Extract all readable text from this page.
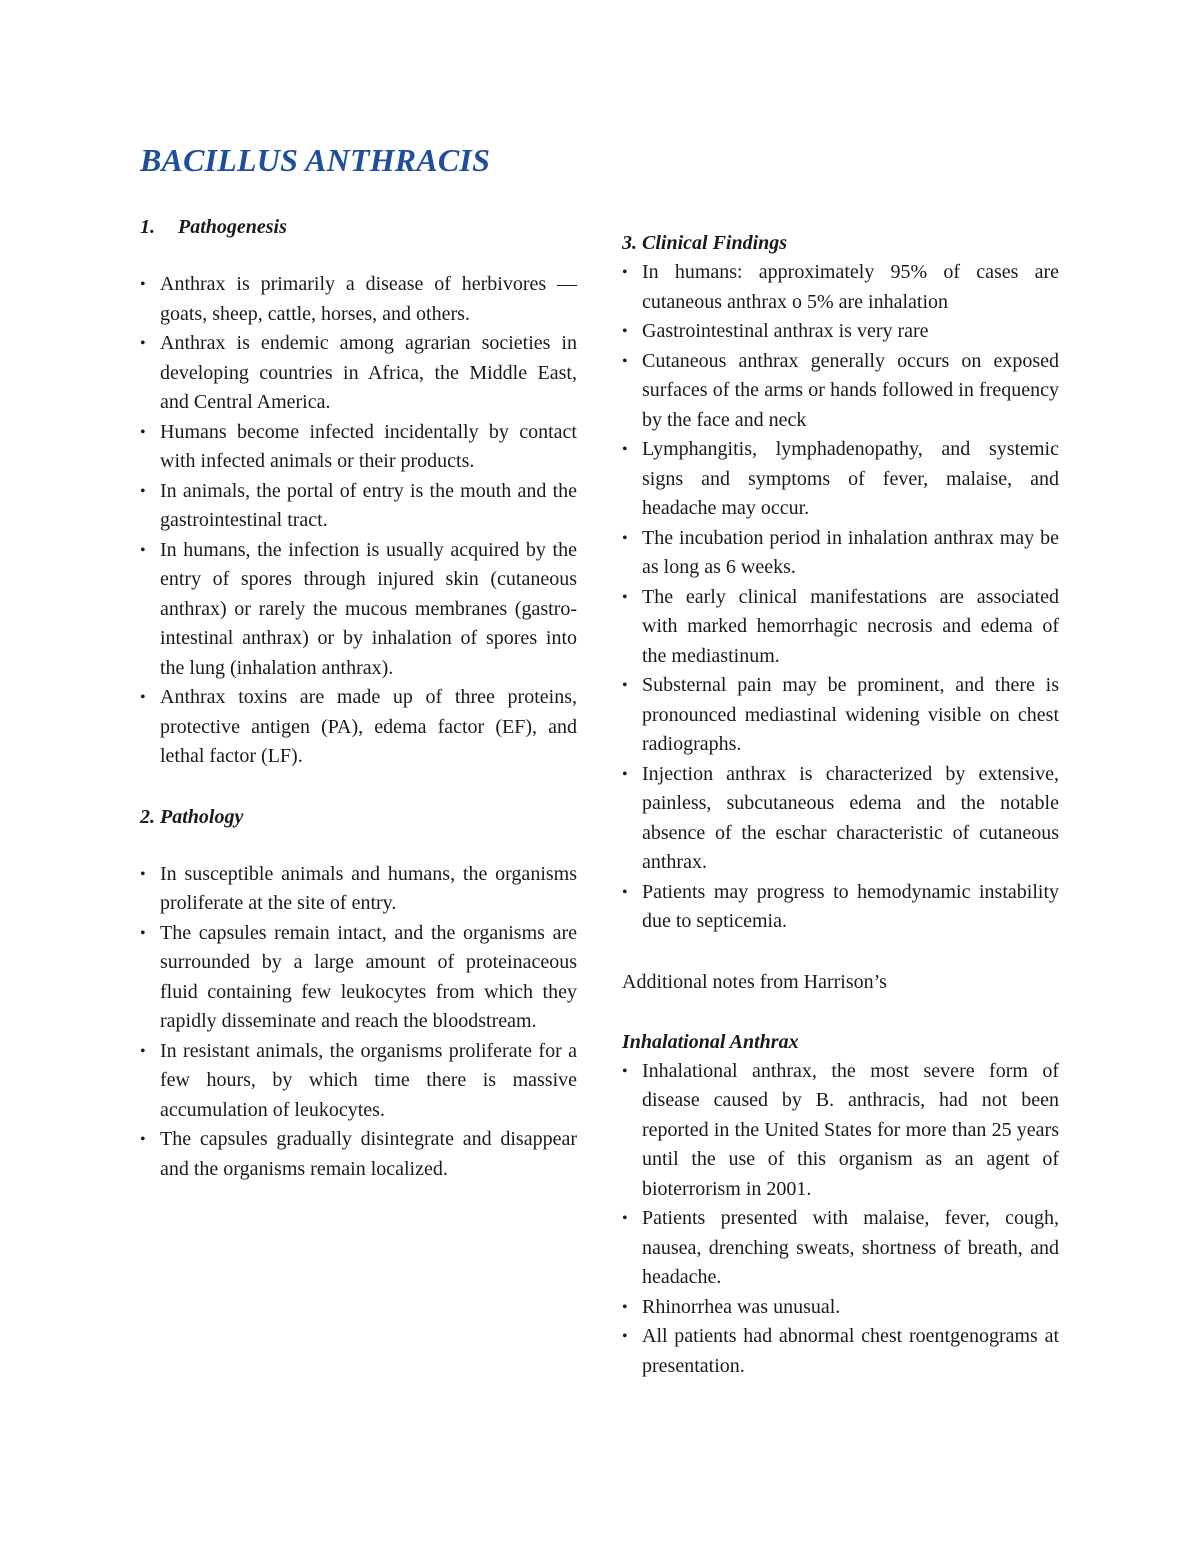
BACILLUS ANTHRACIS
1. Pathogenesis
• Anthrax is primarily a disease of herbivores —goats, sheep, cattle, horses, and others.
• Anthrax is endemic among agrarian societies in developing countries in Africa, the Middle East, and Central America.
• Humans become infected incidentally by contact with infected animals or their products.
• In animals, the portal of entry is the mouth and the gastrointestinal tract.
• In humans, the infection is usually acquired by the entry of spores through injured skin (cutaneous anthrax) or rarely the mucous membranes (gastro- intestinal anthrax) or by inhalation of spores into the lung (inhalation anthrax).
• Anthrax toxins are made up of three proteins, protective antigen (PA), edema factor (EF), and lethal factor (LF).
2. Pathology
• In susceptible animals and humans, the organisms proliferate at the site of entry.
• The capsules remain intact, and the organisms are surrounded by a large amount of proteinaceous fluid containing few leukocytes from which they rapidly disseminate and reach the bloodstream.
• In resistant animals, the organisms proliferate for a few hours, by which time there is massive accumulation of leukocytes.
• The capsules gradually disintegrate and disappear and the organisms remain localized.
3. Clinical Findings
• In humans: approximately 95% of cases are cutaneous anthrax o 5% are inhalation
• Gastrointestinal anthrax is very rare
• Cutaneous anthrax generally occurs on exposed surfaces of the arms or hands followed in frequency by the face and neck
• Lymphangitis, lymphadenopathy, and systemic signs and symptoms of fever, malaise, and headache may occur.
• The incubation period in inhalation anthrax may be as long as 6 weeks.
• The early clinical manifestations are associated with marked hemorrhagic necrosis and edema of the mediastinum.
• Substernal pain may be prominent, and there is pronounced mediastinal widening visible on chest radiographs.
• Injection anthrax is characterized by extensive, painless, subcutaneous edema and the notable absence of the eschar characteristic of cutaneous anthrax.
• Patients may progress to hemodynamic instability due to septicemia.
Additional notes from Harrison’s
Inhalational Anthrax
• Inhalational anthrax, the most severe form of disease caused by B. anthracis, had not been reported in the United States for more than 25 years until the use of this organism as an agent of bioterrorism in 2001.
• Patients presented with malaise, fever, cough, nausea, drenching sweats, shortness of breath, and headache.
• Rhinorrhea was unusual.
• All patients had abnormal chest roentgenograms at presentation.
